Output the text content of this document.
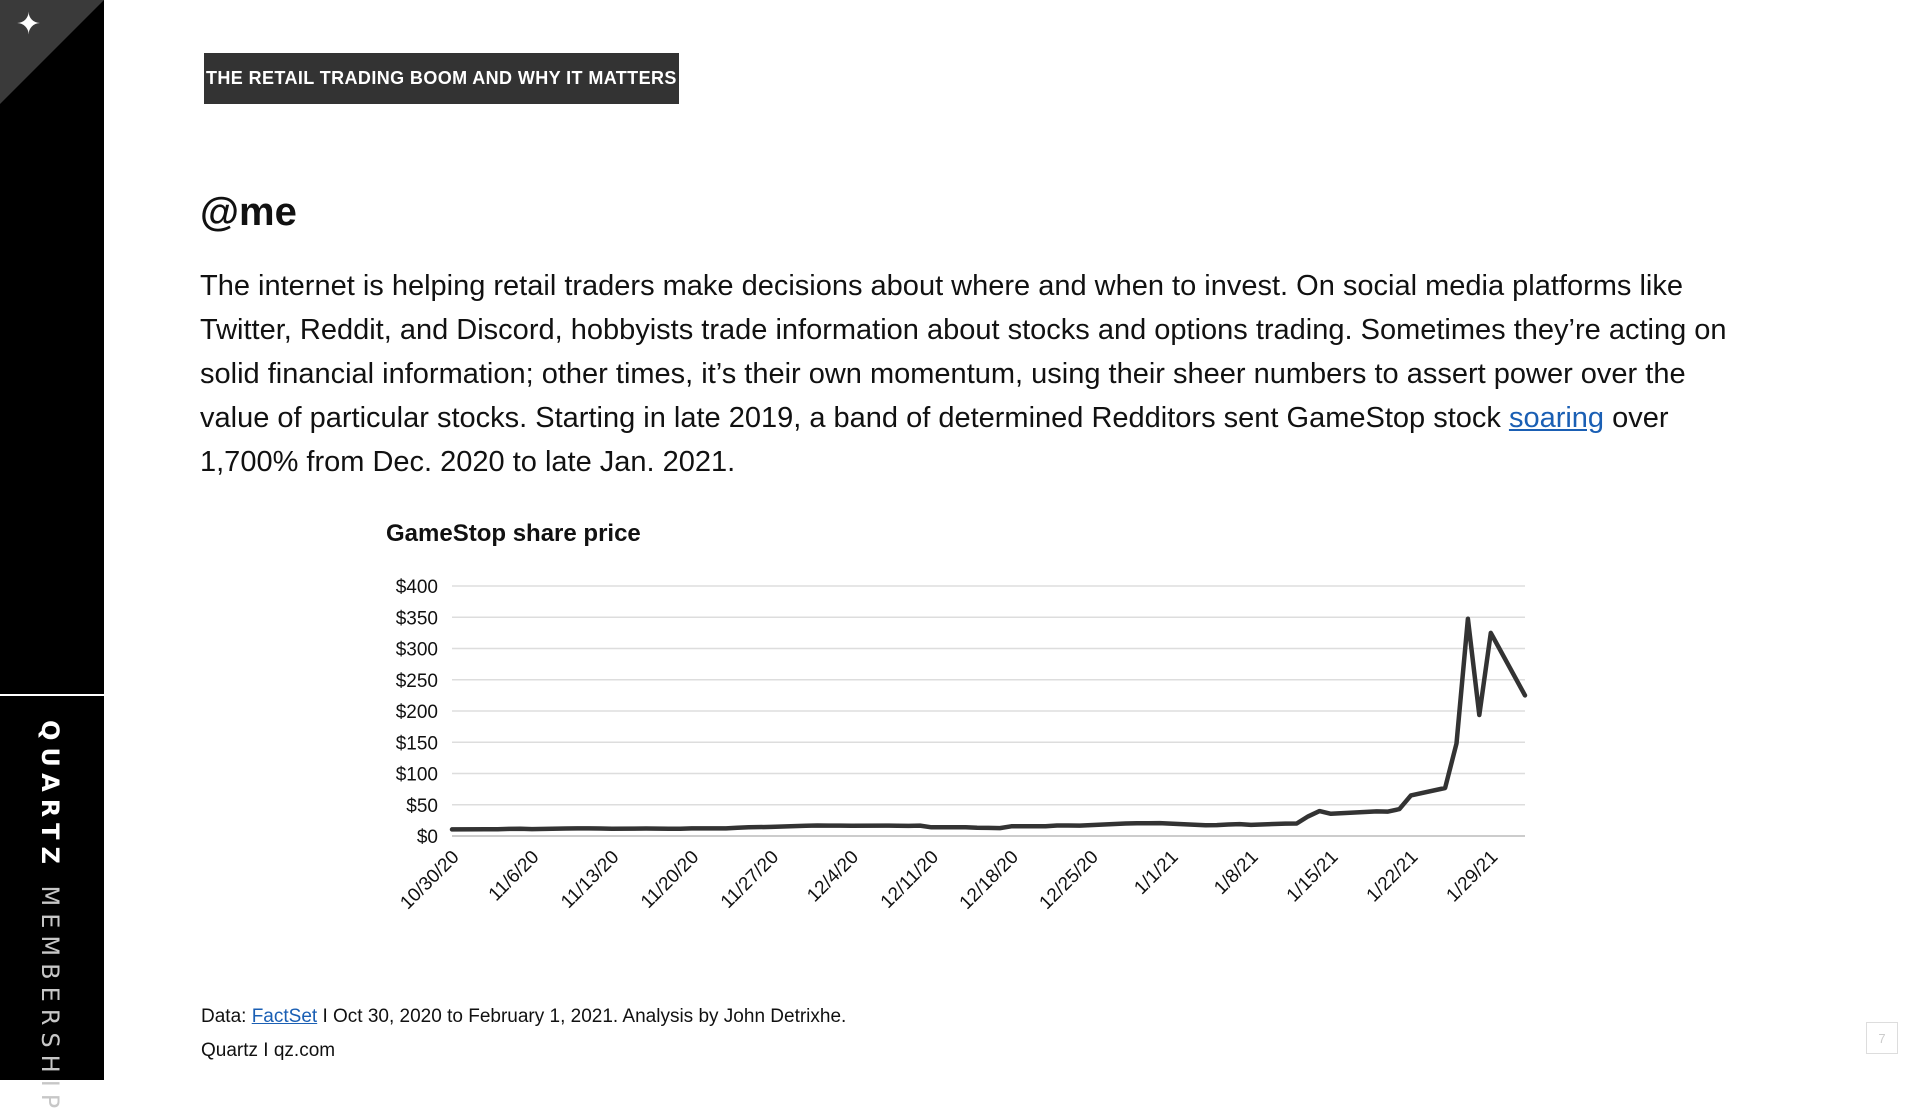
✦
QUARTZ MEMBERSHIP
THE RETAIL TRADING BOOM AND WHY IT MATTERS
@me

The internet is helping retail traders make decisions about where and when to invest. On social media platforms like Twitter, Reddit, and Discord, hobbyists trade information about stocks and options trading. Sometimes they’re acting on solid financial information; other times, it’s their own momentum, using their sheer numbers to assert power over the value of particular stocks. Starting in late 2019, a band of determined Redditors sent GameStop stock soaring over 1,700% from Dec. 2020 to late Jan. 2021.

GameStop share price
$0
$50
$100
$150
$200
$250
$300
$350
$400
10/30/20 11/6/20 11/13/20 11/20/20 11/27/20 12/4/20 12/11/20 12/18/20 12/25/20 1/1/21 1/8/21 1/15/21 1/22/21 1/29/21
Data: FactSet I Oct 30, 2020 to February 1, 2021. Analysis by John Detrixhe.
Quartz I qz.com
7
